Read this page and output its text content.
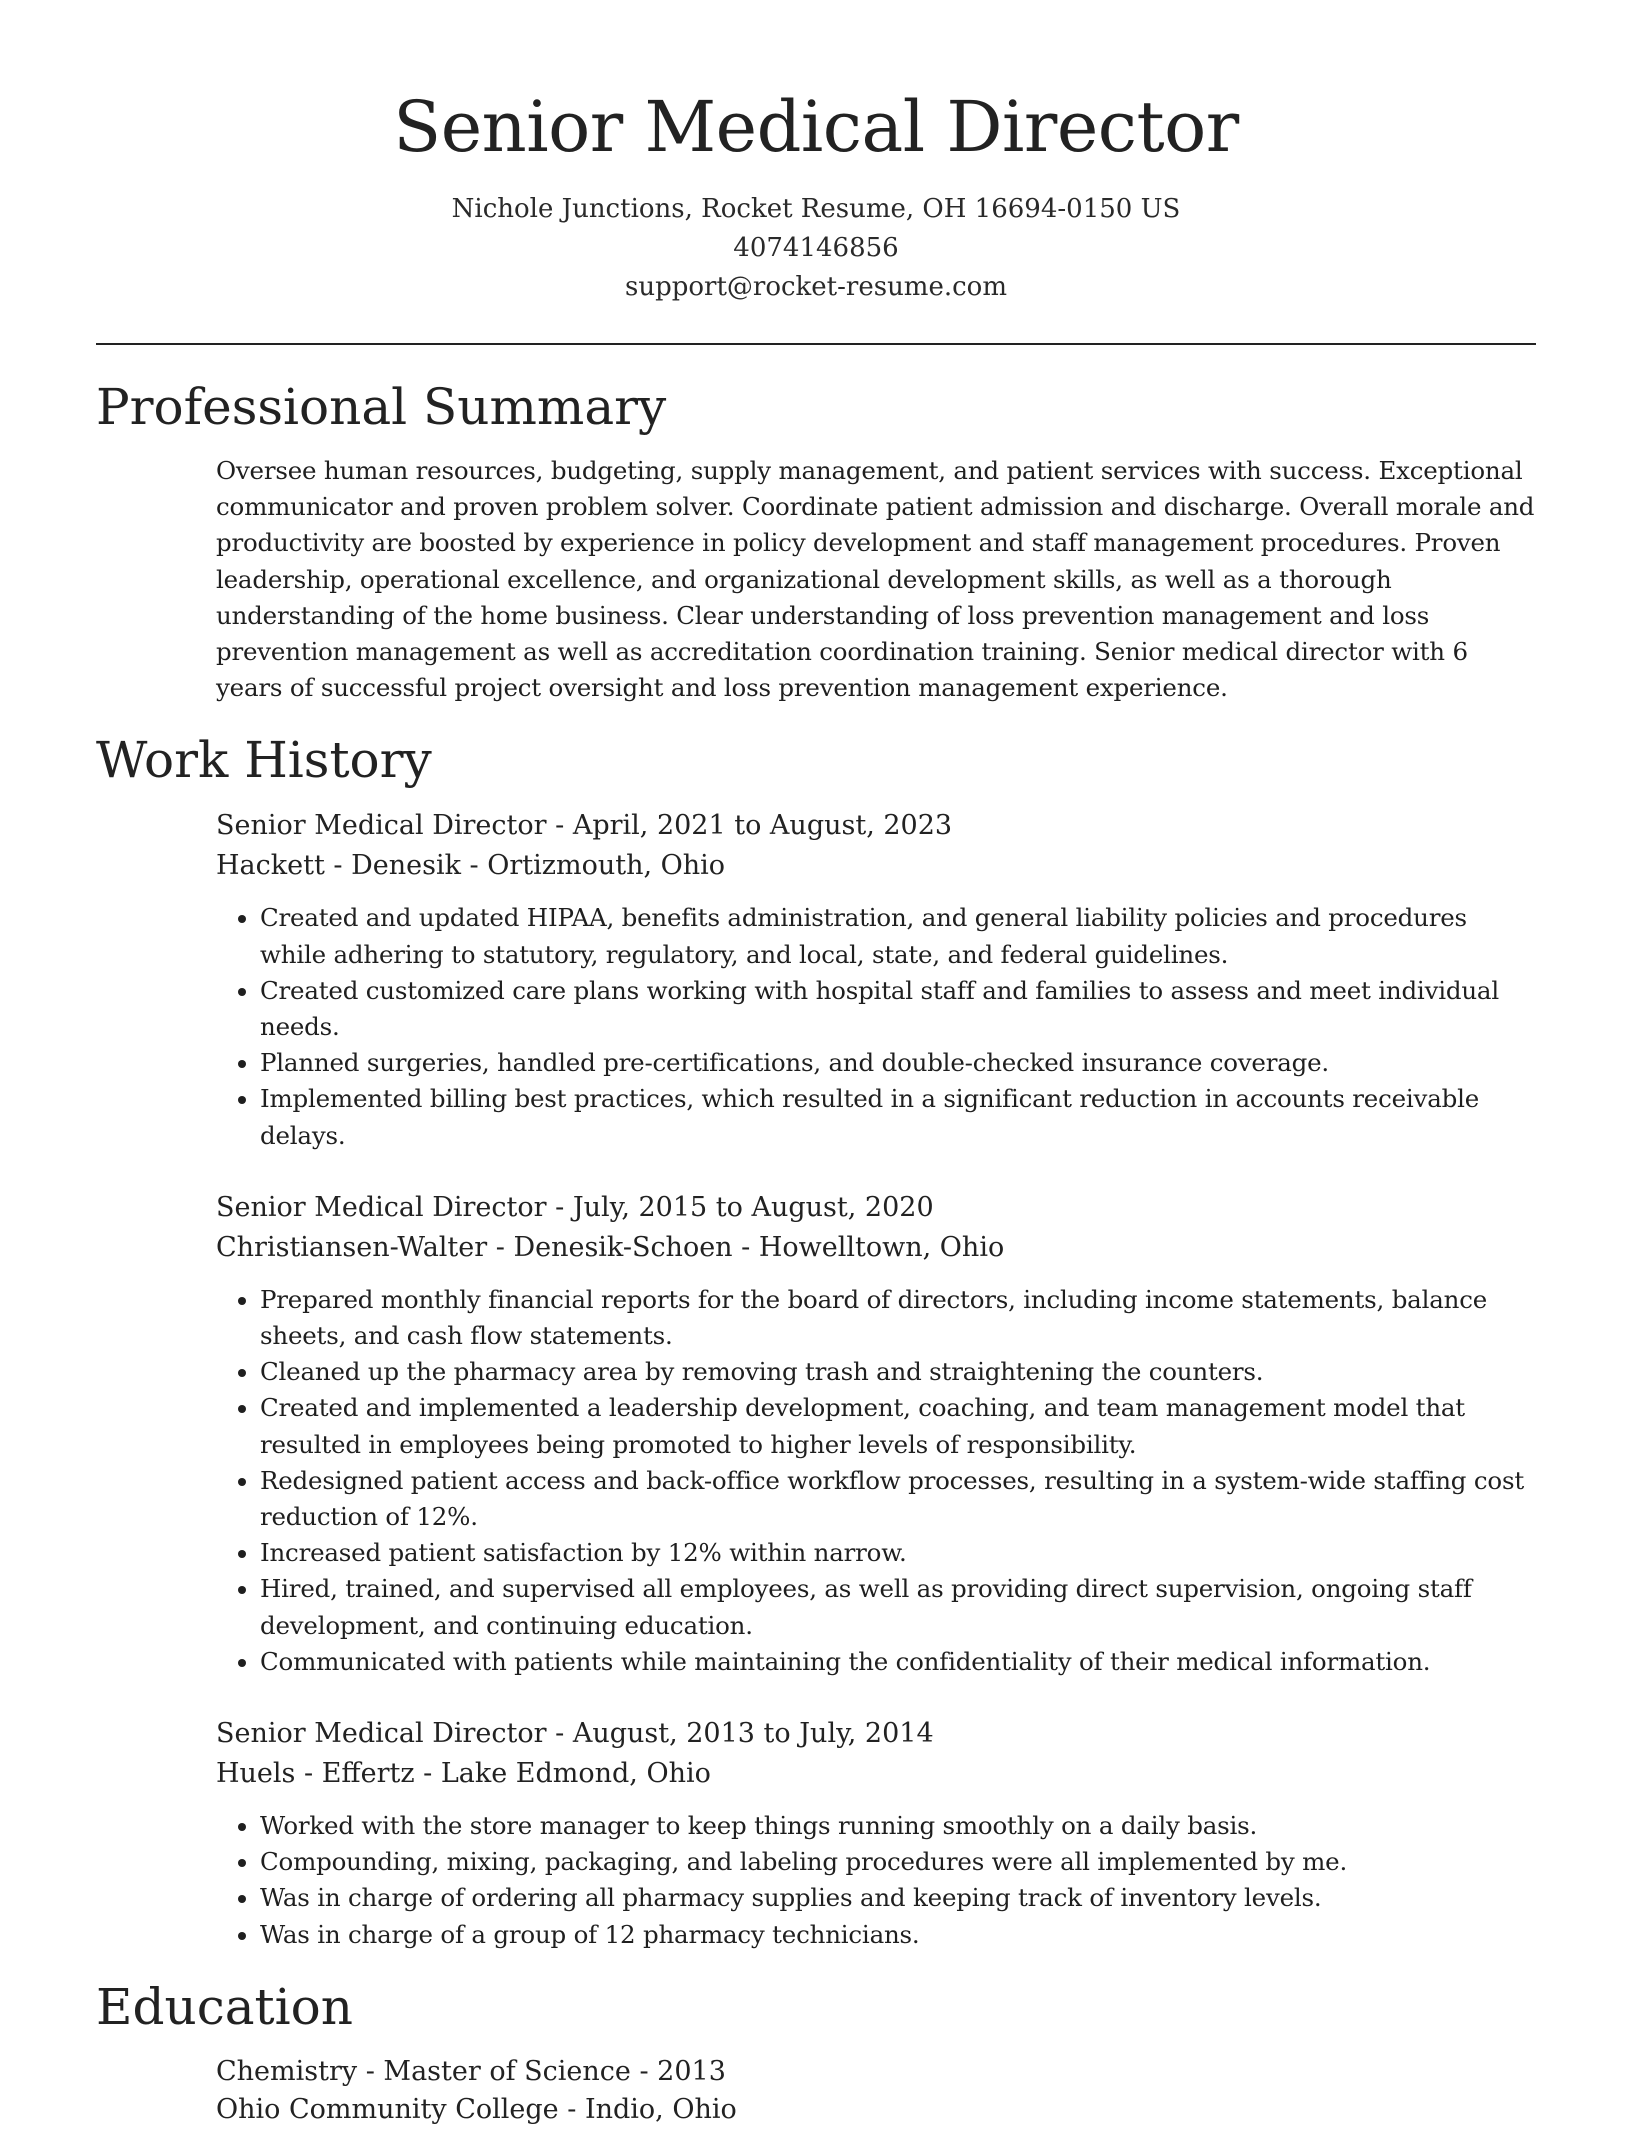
Senior Medical Director
Nichole Junctions, Rocket Resume, OH 16694-0150 US
4074146856
support@rocket-resume.com
Professional Summary

Oversee human resources, budgeting, supply management, and patient services with success. Exceptional communicator and proven problem solver. Coordinate patient admission and discharge. Overall morale and productivity are boosted by experience in policy development and staff management procedures. Proven leadership, operational excellence, and organizational development skills, as well as a thorough understanding of the home business. Clear understanding of loss prevention management and loss prevention management as well as accreditation coordination training. Senior medical director with 6 years of successful project oversight and loss prevention management experience.

Work History
Senior Medical Director - April, 2021 to August, 2023
Hackett - Denesik - Ortizmouth, Ohio
• Created and updated HIPAA, benefits administration, and general liability policies and procedures while adhering to statutory, regulatory, and local, state, and federal guidelines.
• Created customized care plans working with hospital staff and families to assess and meet individual needs.
• Planned surgeries, handled pre-certifications, and double-checked insurance coverage.
• Implemented billing best practices, which resulted in a significant reduction in accounts receivable delays.
Senior Medical Director - July, 2015 to August, 2020
Christiansen-Walter - Denesik-Schoen - Howelltown, Ohio
• Prepared monthly financial reports for the board of directors, including income statements, balance sheets, and cash flow statements.
• Cleaned up the pharmacy area by removing trash and straightening the counters.
• Created and implemented a leadership development, coaching, and team management model that resulted in employees being promoted to higher levels of responsibility.
• Redesigned patient access and back-office workflow processes, resulting in a system-wide staffing cost reduction of 12%.
• Increased patient satisfaction by 12% within narrow.
• Hired, trained, and supervised all employees, as well as providing direct supervision, ongoing staff development, and continuing education.
• Communicated with patients while maintaining the confidentiality of their medical information.
Senior Medical Director - August, 2013 to July, 2014
Huels - Effertz - Lake Edmond, Ohio
• Worked with the store manager to keep things running smoothly on a daily basis.
• Compounding, mixing, packaging, and labeling procedures were all implemented by me.
• Was in charge of ordering all pharmacy supplies and keeping track of inventory levels.
• Was in charge of a group of 12 pharmacy technicians.
Education
Chemistry - Master of Science - 2013
Ohio Community College - Indio, Ohio
